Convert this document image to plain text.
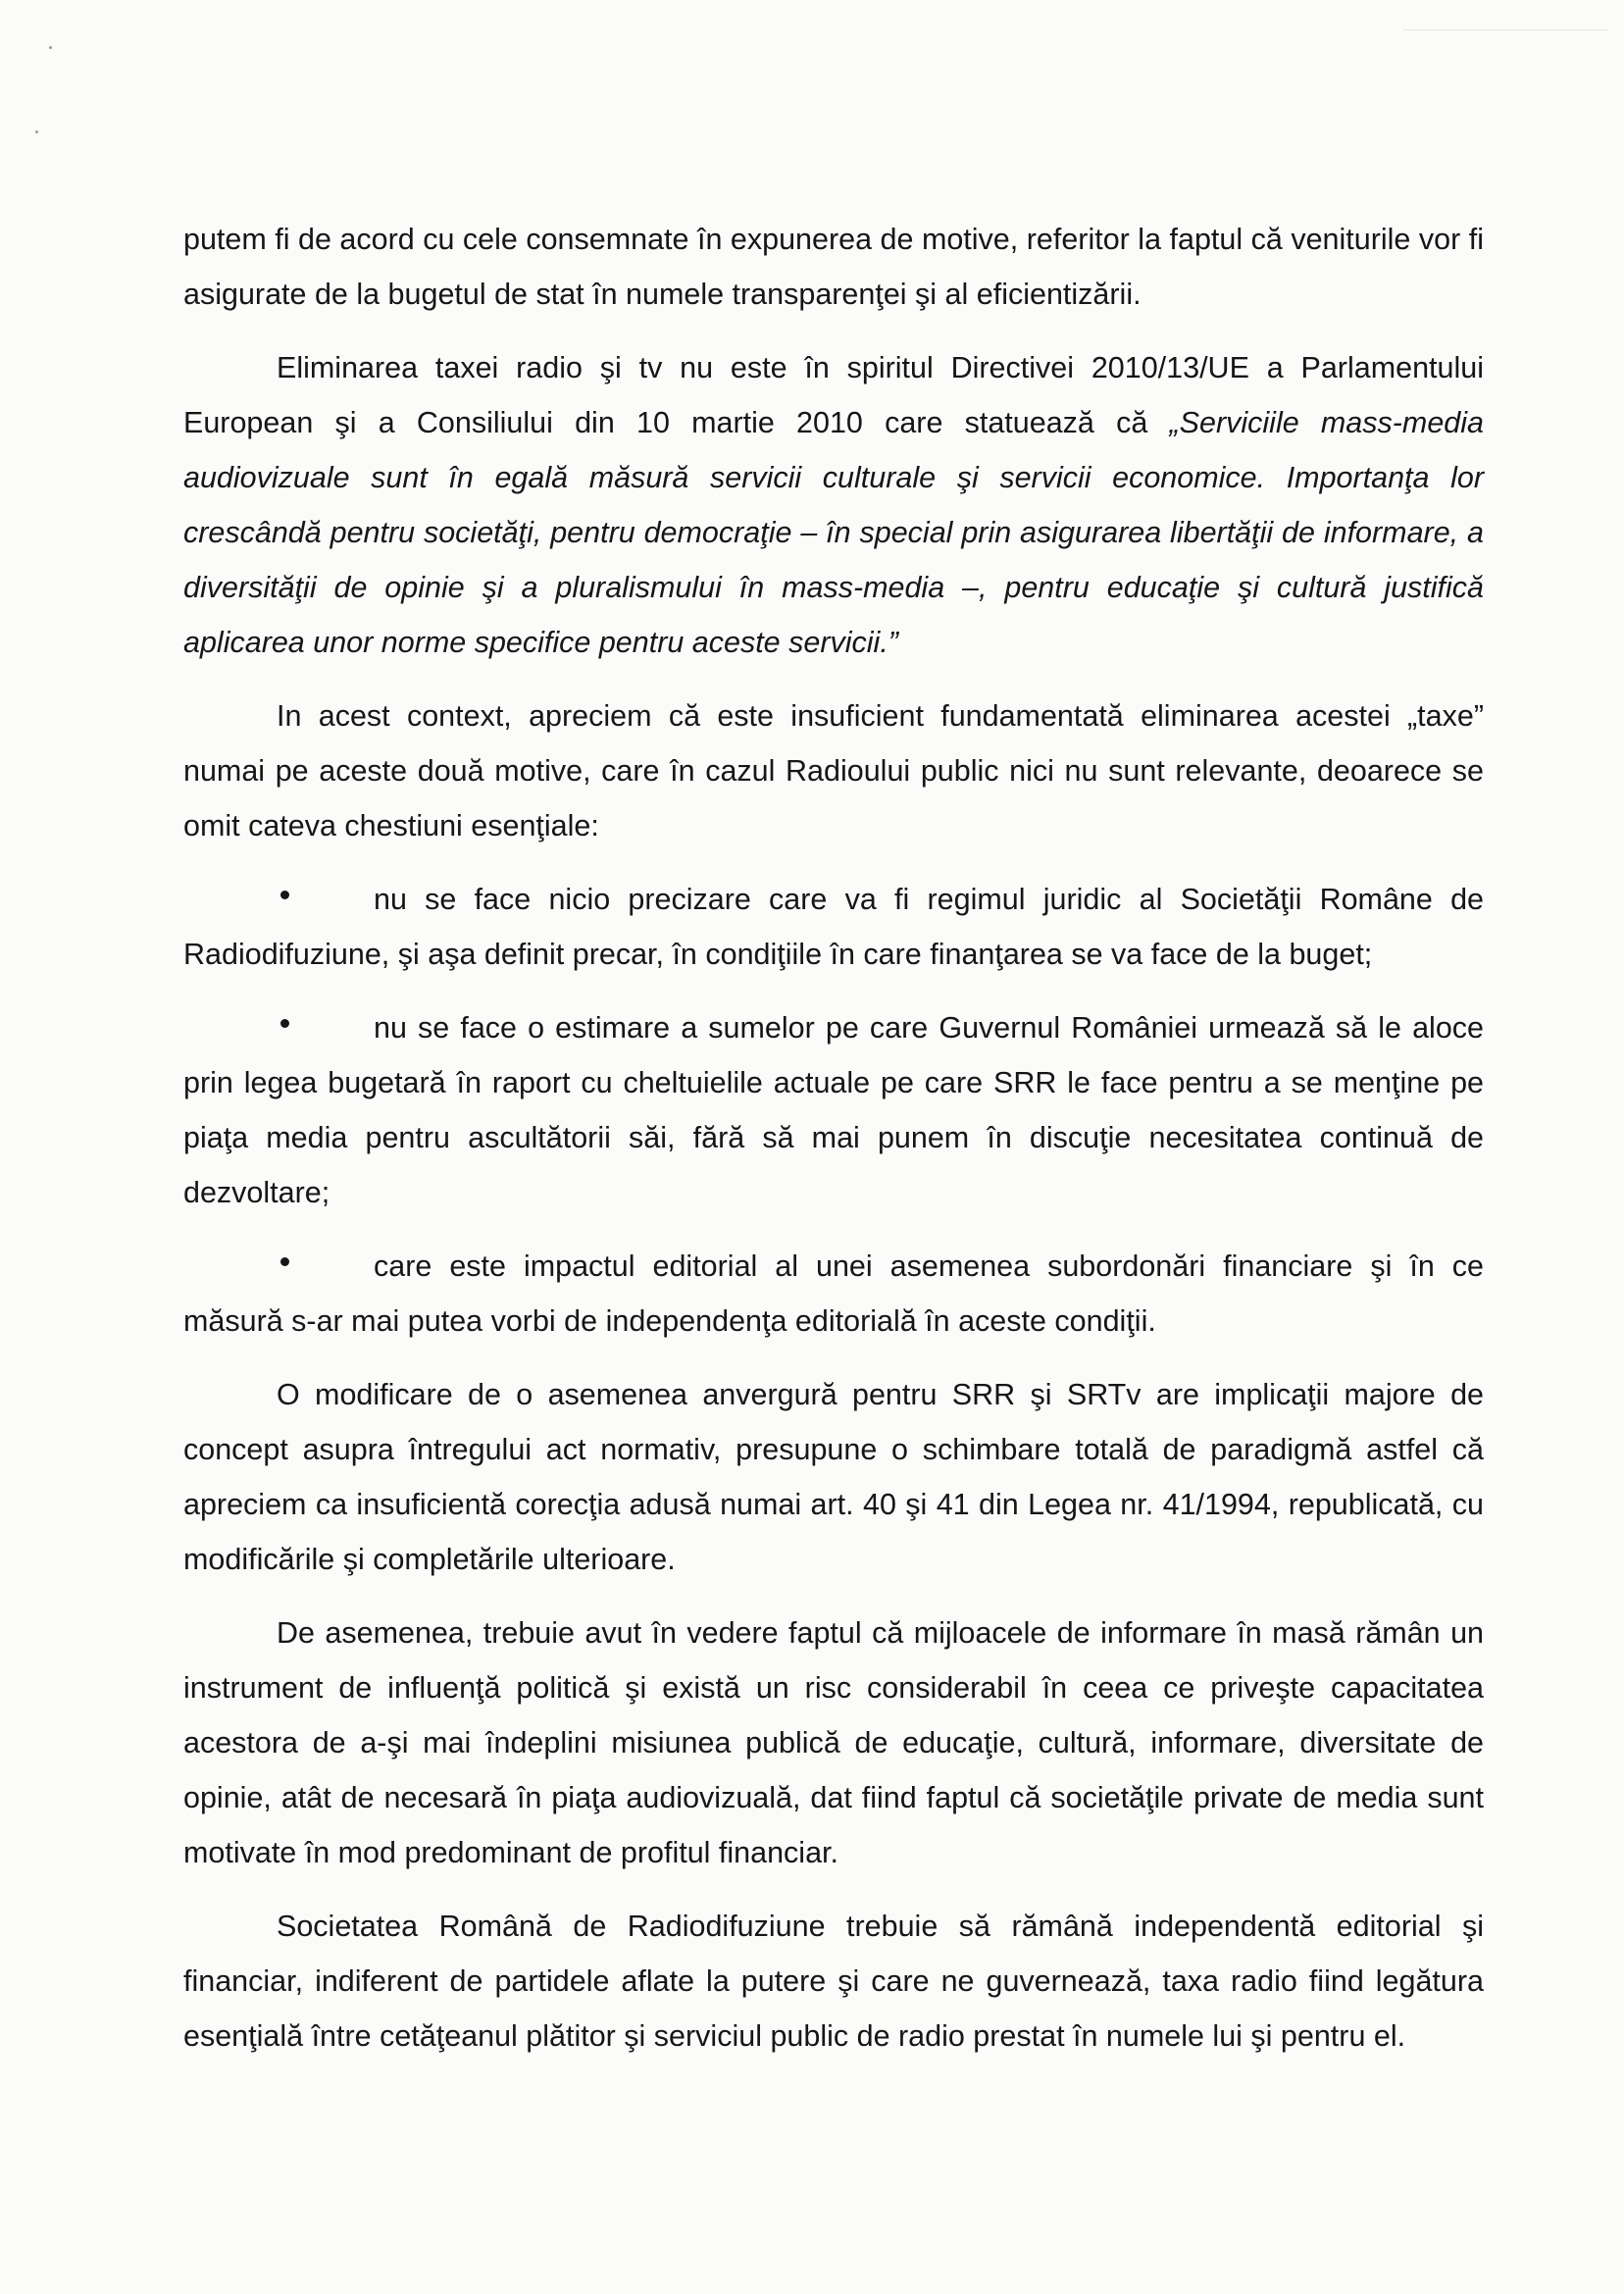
putem fi de acord cu cele consemnate în expunerea de motive, referitor la faptul că veniturile vor fi asigurate de la bugetul de stat în numele transparenţei şi al eficientizării.

Eliminarea taxei radio şi tv nu este în spiritul Directivei 2010/13/UE a Parlamentului European şi a Consiliului din 10 martie 2010 care statuează că „Serviciile mass-media audiovizuale sunt în egală măsură servicii culturale şi servicii economice. Importanţa lor crescândă pentru societăţi, pentru democraţie – în special prin asigurarea libertăţii de informare, a diversităţii de opinie şi a pluralismului în mass-media –, pentru educaţie şi cultură justifică aplicarea unor norme specifice pentru aceste servicii.”

In acest context, apreciem că este insuficient fundamentată eliminarea acestei „taxe” numai pe aceste două motive, care în cazul Radioului public nici nu sunt relevante, deoarece se omit cateva chestiuni esenţiale:

nu se face nicio precizare care va fi regimul juridic al Societăţii Române de Radiodifuziune, şi aşa definit precar, în condiţiile în care finanţarea se va face de la buget;

nu se face o estimare a sumelor pe care Guvernul României urmează să le aloce prin legea bugetară în raport cu cheltuielile actuale pe care SRR le face pentru a se menţine pe piaţa media pentru ascultătorii săi, fără să mai punem în discuţie necesitatea continuă de dezvoltare;

care este impactul editorial al unei asemenea subordonări financiare şi în ce măsură s-ar mai putea vorbi de independenţa editorială în aceste condiţii.

O modificare de o asemenea anvergură pentru SRR şi SRTv are implicaţii majore de concept asupra întregului act normativ, presupune o schimbare totală de paradigmă astfel că apreciem ca insuficientă corecţia adusă numai art. 40 şi 41 din Legea nr. 41/1994, republicată, cu modificările şi completările ulterioare.

De asemenea, trebuie avut în vedere faptul că mijloacele de informare în masă rămân un instrument de influenţă politică şi există un risc considerabil în ceea ce priveşte capacitatea acestora de a-şi mai îndeplini misiunea publică de educaţie, cultură, informare, diversitate de opinie, atât de necesară în piaţa audiovizuală, dat fiind faptul că societăţile private de media sunt motivate în mod predominant de profitul financiar.

Societatea Română de Radiodifuziune trebuie să rămână independentă editorial şi financiar, indiferent de partidele aflate la putere şi care ne guvernează, taxa radio fiind legătura esenţială între cetăţeanul plătitor şi serviciul public de radio prestat în numele lui şi pentru el.
